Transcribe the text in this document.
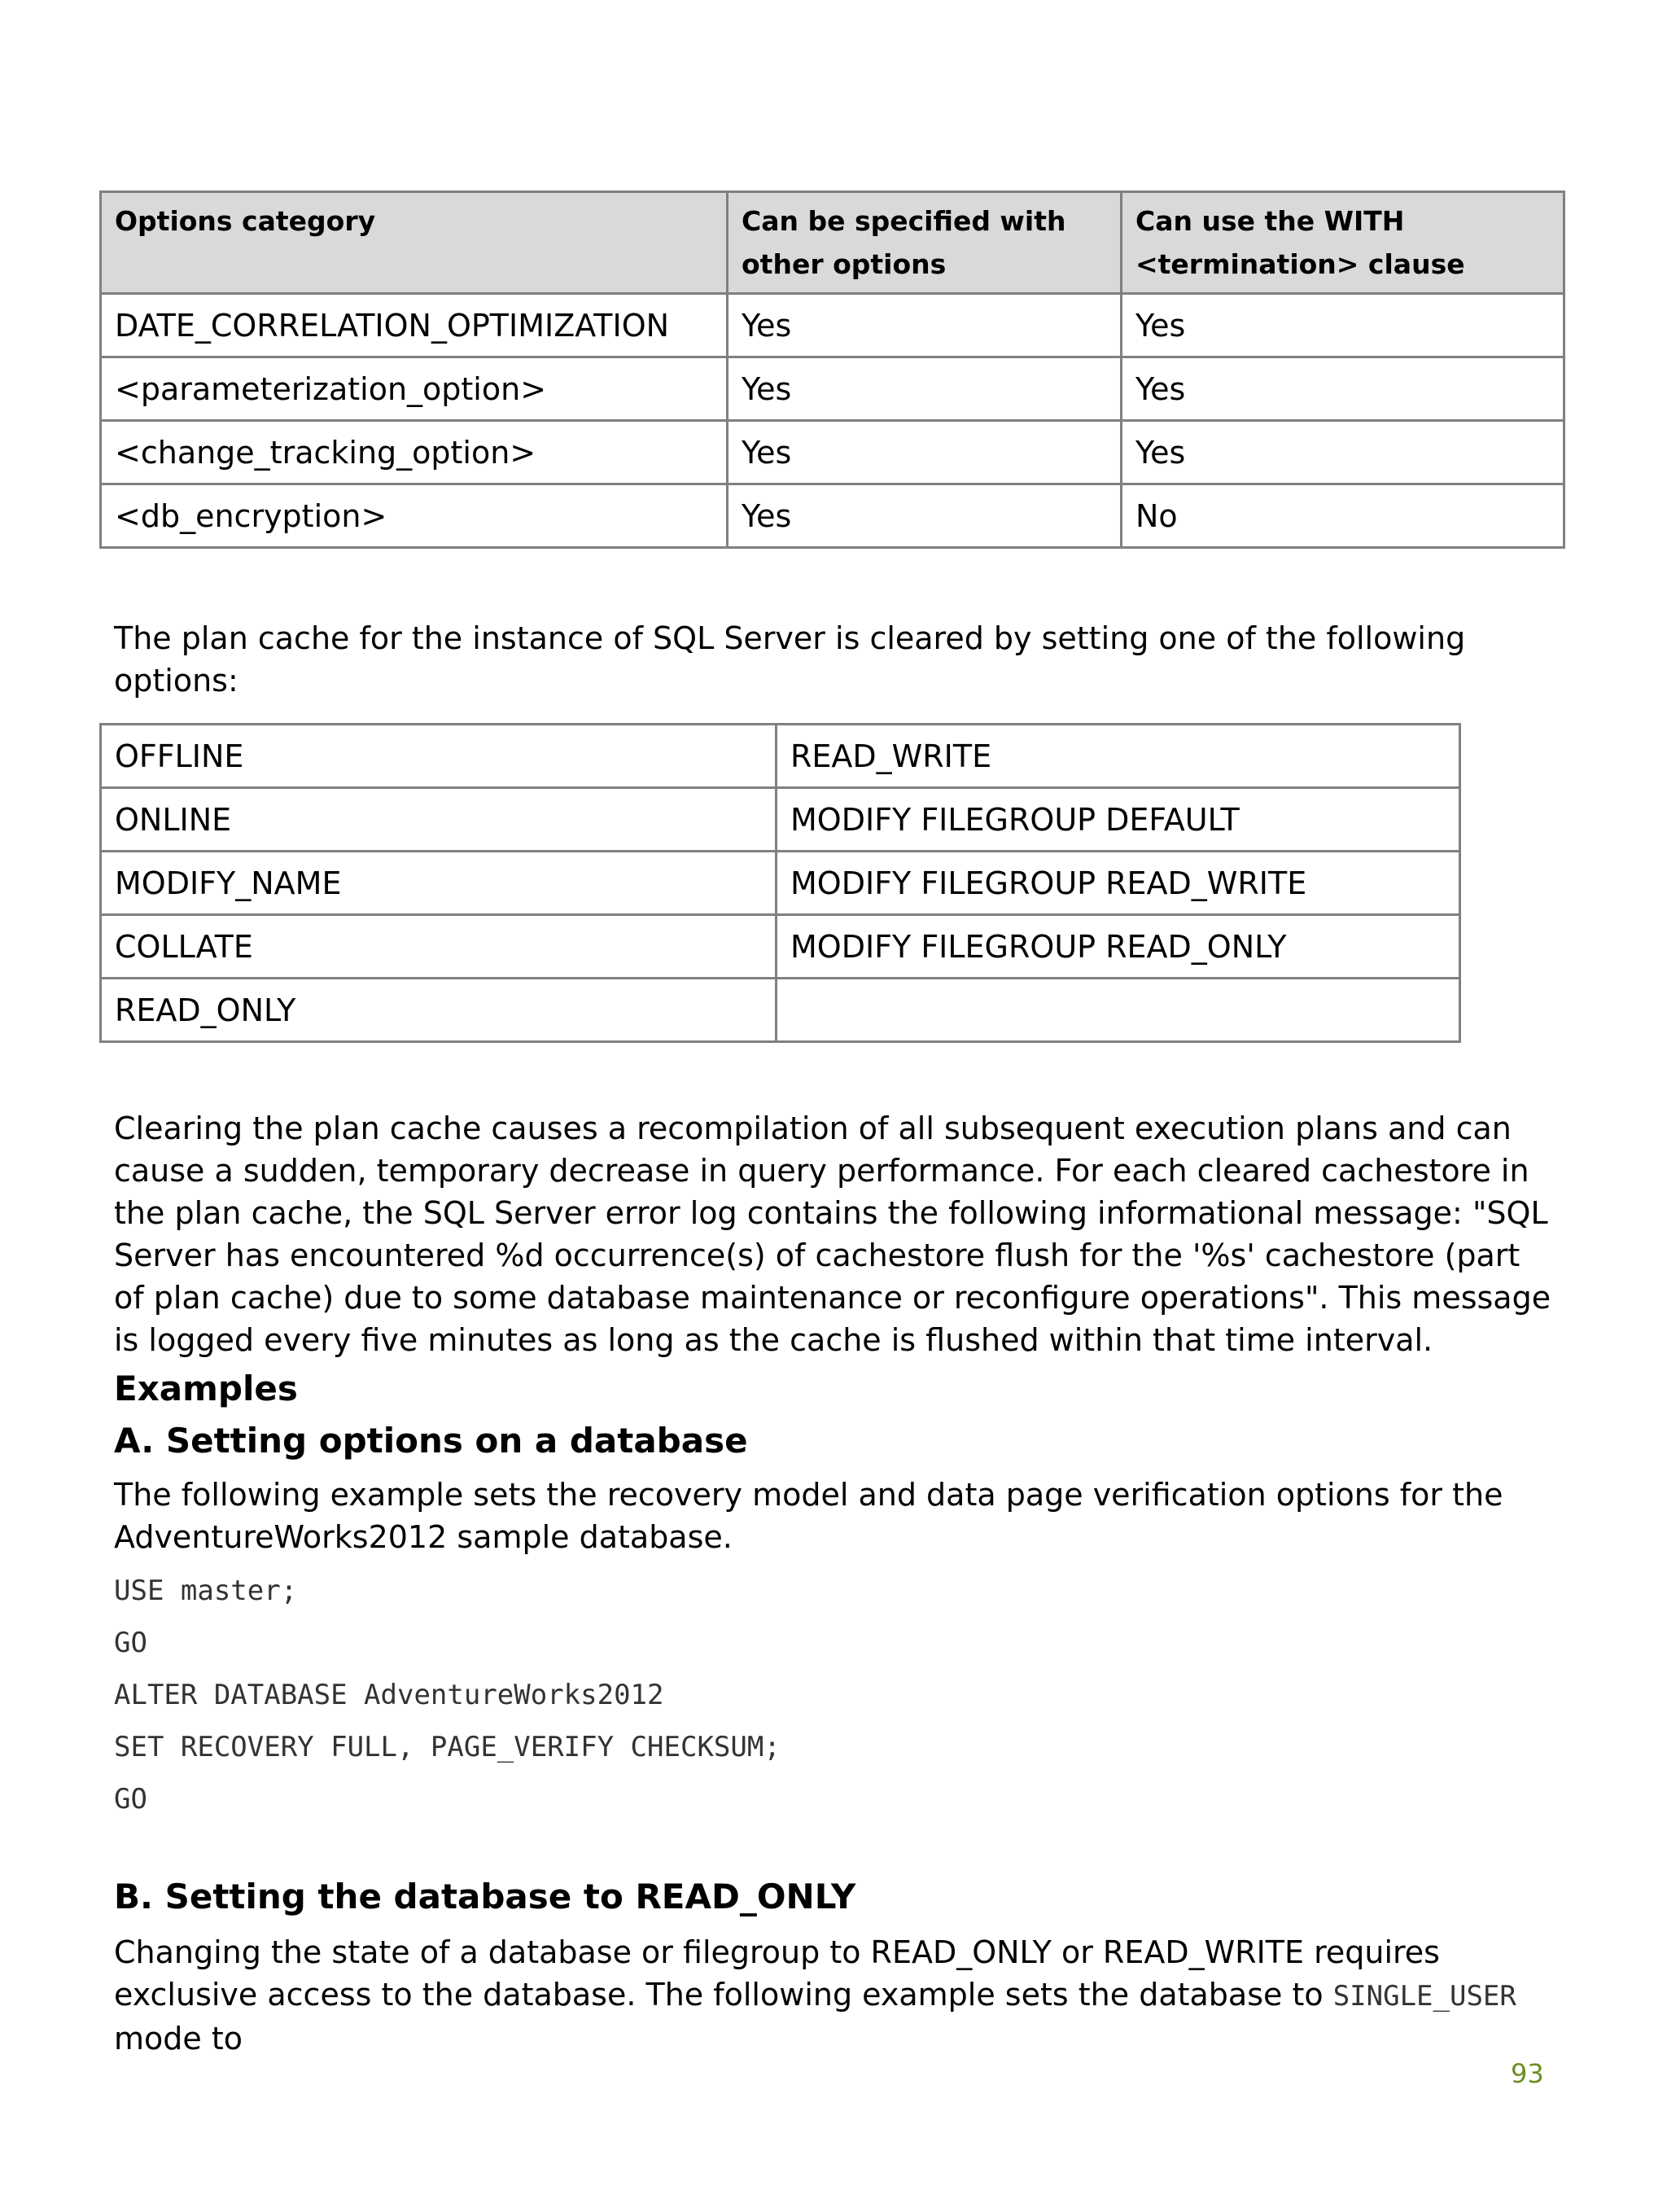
Options category	Can be specified with other options	Can use the WITH <termination> clause
DATE_CORRELATION_OPTIMIZATION	Yes	Yes
<parameterization_option>	Yes	Yes
<change_tracking_option>	Yes	Yes
<db_encryption>	Yes	No

The plan cache for the instance of SQL Server is cleared by setting one of the following options:

OFFLINE	READ_WRITE
ONLINE	MODIFY FILEGROUP DEFAULT
MODIFY_NAME	MODIFY FILEGROUP READ_WRITE
COLLATE	MODIFY FILEGROUP READ_ONLY
READ_ONLY	

Clearing the plan cache causes a recompilation of all subsequent execution plans and can cause a sudden, temporary decrease in query performance. For each cleared cachestore in the plan cache, the SQL Server error log contains the following informational message: "SQL Server has encountered %d occurrence(s) of cachestore flush for the '%s' cachestore (part of plan cache) due to some database maintenance or reconfigure operations". This message is logged every five minutes as long as the cache is flushed within that time interval.

Examples
A. Setting options on a database

The following example sets the recovery model and data page verification options for the AdventureWorks2012 sample database.

USE master;
GO
ALTER DATABASE AdventureWorks2012
SET RECOVERY FULL, PAGE_VERIFY CHECKSUM;
GO
B. Setting the database to READ_ONLY

Changing the state of a database or filegroup to READ_ONLY or READ_WRITE requires exclusive access to the database. The following example sets the database to SINGLE_USER mode to

93
